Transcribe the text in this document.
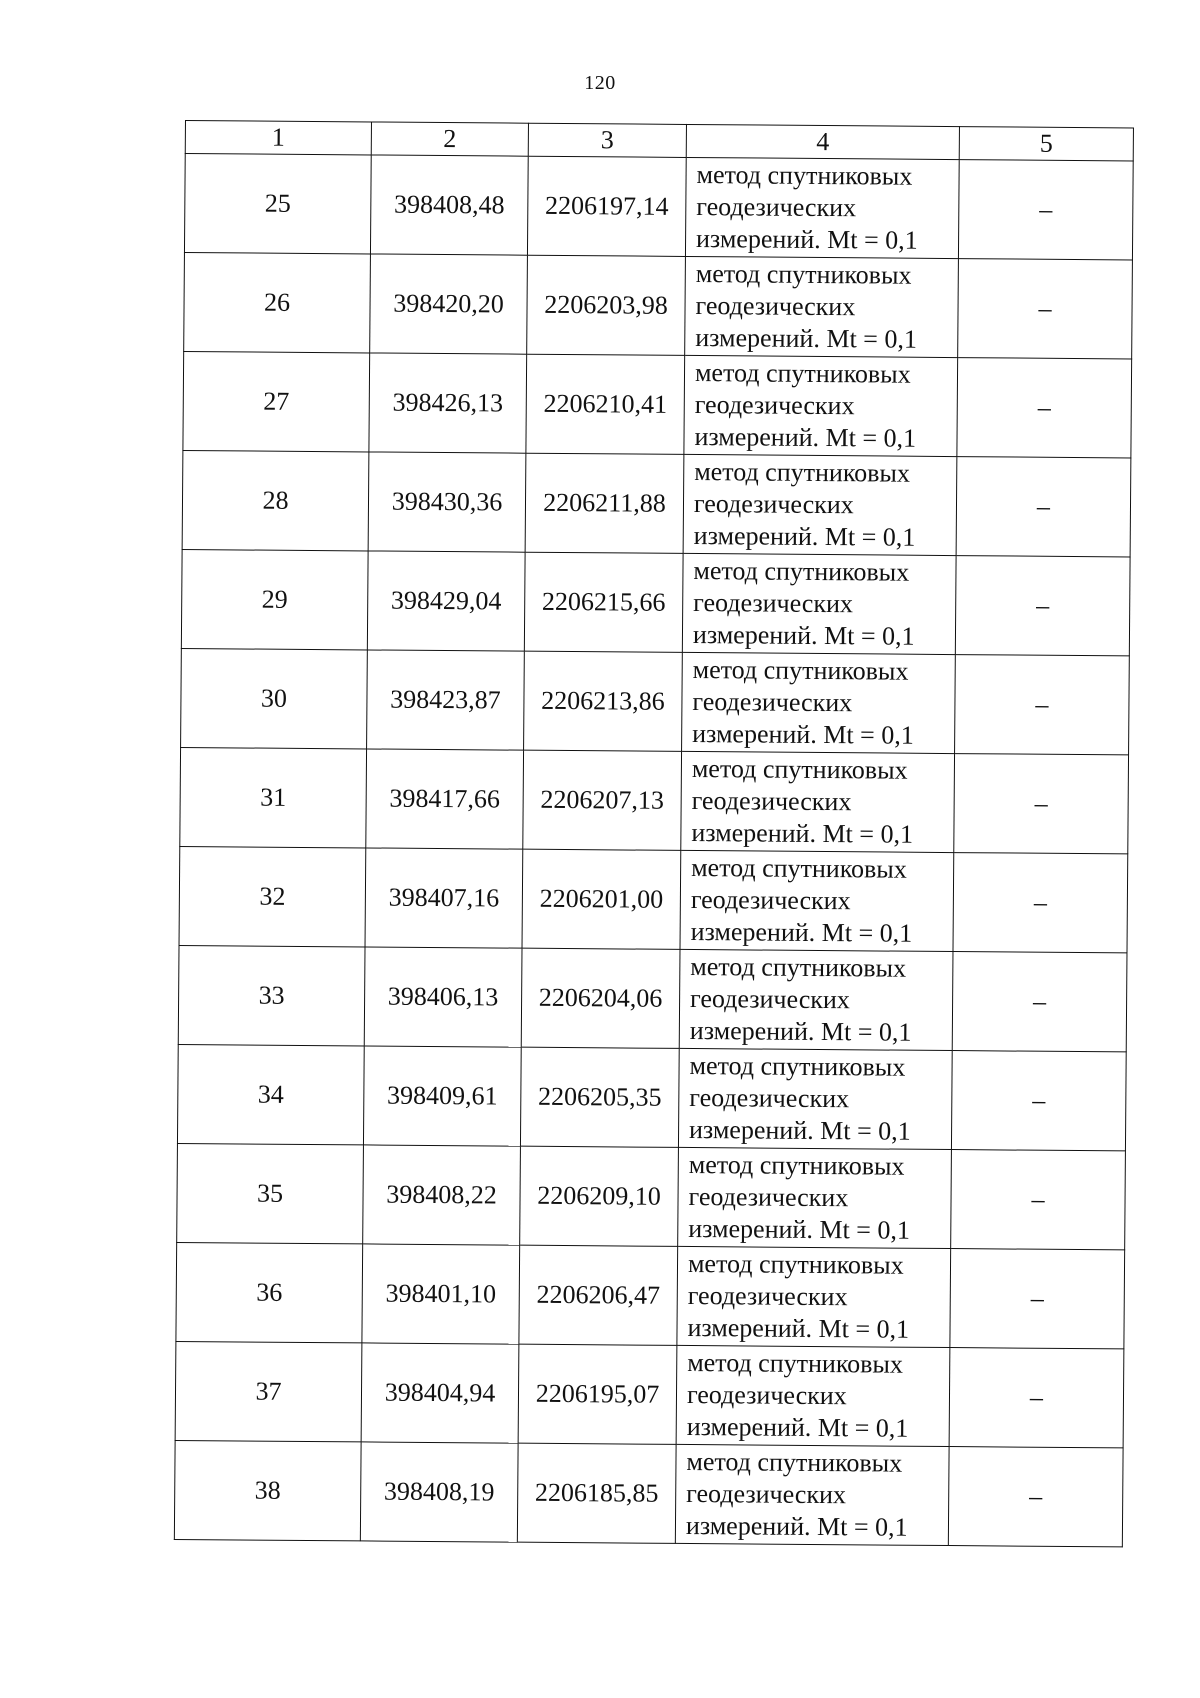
120
1	2	3	4	5
25	398408,48	2206197,14	метод спутниковых
геодезических
измерений. Mt = 0,1	–
26	398420,20	2206203,98	метод спутниковых
геодезических
измерений. Mt = 0,1	–
27	398426,13	2206210,41	метод спутниковых
геодезических
измерений. Mt = 0,1	–
28	398430,36	2206211,88	метод спутниковых
геодезических
измерений. Mt = 0,1	–
29	398429,04	2206215,66	метод спутниковых
геодезических
измерений. Mt = 0,1	–
30	398423,87	2206213,86	метод спутниковых
геодезических
измерений. Mt = 0,1	–
31	398417,66	2206207,13	метод спутниковых
геодезических
измерений. Mt = 0,1	–
32	398407,16	2206201,00	метод спутниковых
геодезических
измерений. Mt = 0,1	–
33	398406,13	2206204,06	метод спутниковых
геодезических
измерений. Mt = 0,1	–
34	398409,61	2206205,35	метод спутниковых
геодезических
измерений. Mt = 0,1	–
35	398408,22	2206209,10	метод спутниковых
геодезических
измерений. Mt = 0,1	–
36	398401,10	2206206,47	метод спутниковых
геодезических
измерений. Mt = 0,1	–
37	398404,94	2206195,07	метод спутниковых
геодезических
измерений. Mt = 0,1	–
38	398408,19	2206185,85	метод спутниковых
геодезических
измерений. Mt = 0,1	–
